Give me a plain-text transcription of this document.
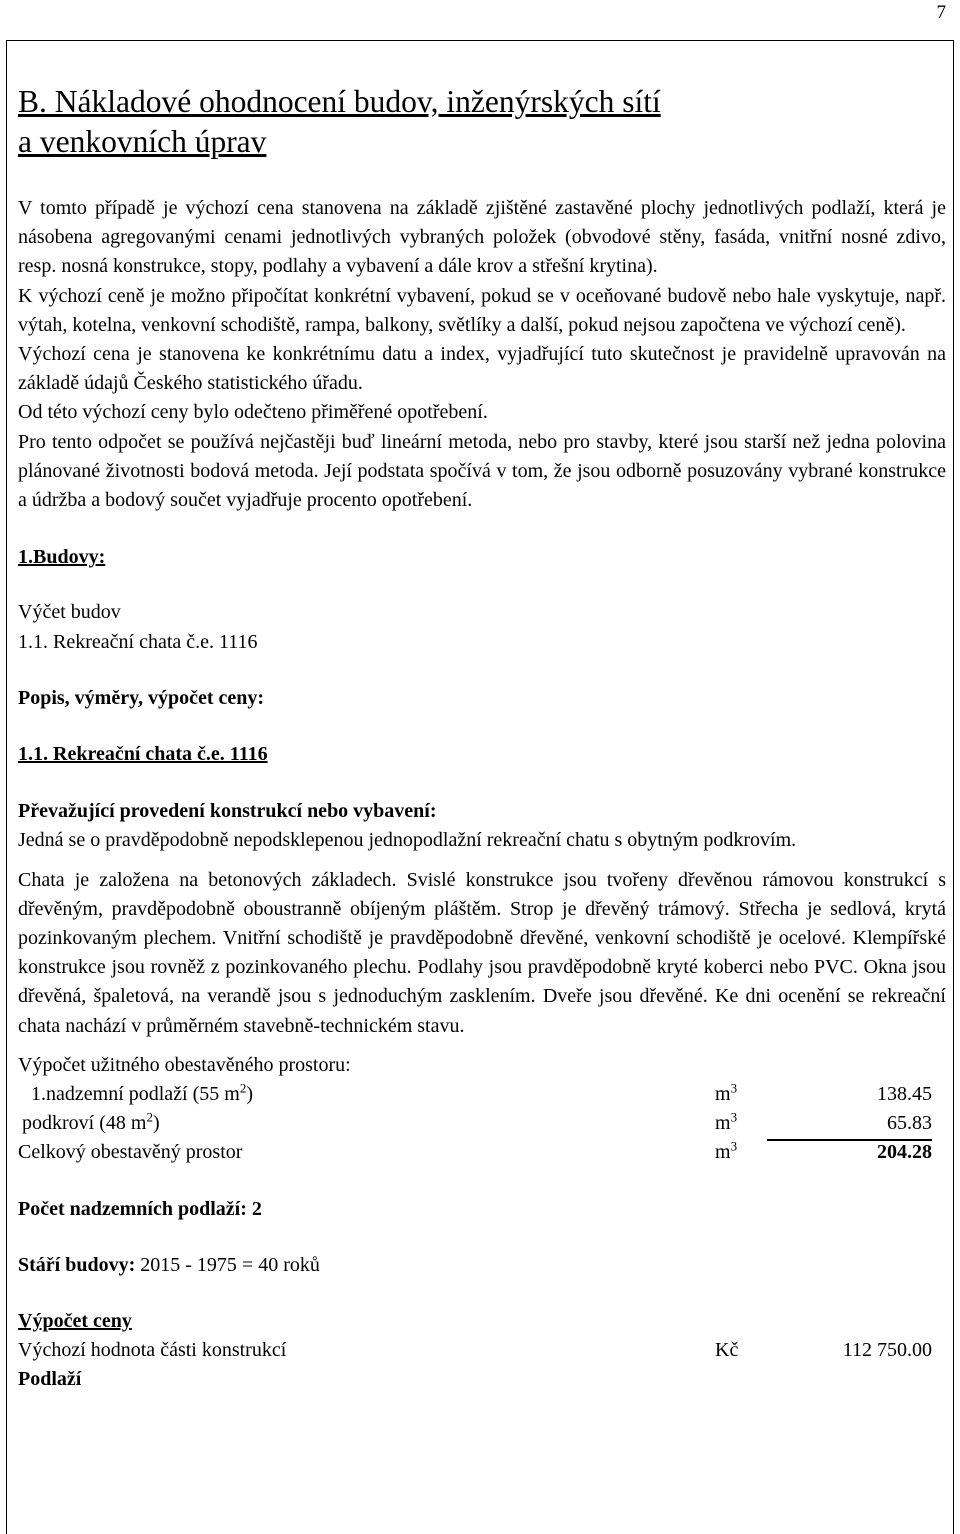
7
B. Nákladové ohodnocení budov, inženýrských sítí
a venkovních úprav

V tomto případě je výchozí cena stanovena na základě zjištěné zastavěné plochy jednotlivých podlaží, která je násobena agregovanými cenami jednotlivých vybraných položek (obvodové stěny, fasáda, vnitřní nosné zdivo, resp. nosná konstrukce, stopy, podlahy a vybavení a dále krov a střešní krytina).

K výchozí ceně je možno připočítat konkrétní vybavení, pokud se v oceňované budově nebo hale vyskytuje, např. výtah, kotelna, venkovní schodiště, rampa, balkony, světlíky a další, pokud nejsou započtena ve výchozí ceně).

Výchozí cena je stanovena ke konkrétnímu datu a index, vyjadřující tuto skutečnost je pravidelně upravován na základě údajů Českého statistického úřadu.

Od této výchozí ceny bylo odečteno přiměřené opotřebení.

Pro tento odpočet se používá nejčastěji buď lineární metoda, nebo pro stavby, které jsou starší než jedna polovina plánované životnosti bodová metoda. Její podstata spočívá v tom, že jsou odborně posuzovány vybrané konstrukce a údržba a bodový součet vyjadřuje procento opotřebení.

1.Budovy:

Výčet budov

1.1. Rekreační chata č.e. 1116

Popis, výměry, výpočet ceny:

1.1. Rekreační chata č.e. 1116

Převažující provedení konstrukcí nebo vybavení:

Jedná se o pravděpodobně nepodsklepenou jednopodlažní rekreační chatu s obytným podkrovím.

Chata je založena na betonových základech. Svislé konstrukce jsou tvořeny dřevěnou rámovou konstrukcí s dřevěným, pravděpodobně oboustranně obíjeným pláštěm. Strop je dřevěný trámový. Střecha je sedlová, krytá pozinkovaným plechem. Vnitřní schodiště je pravděpodobně dřevěné, venkovní schodiště je ocelové. Klempířské konstrukce jsou rovněž z pozinkovaného plechu. Podlahy jsou pravděpodobně kryté koberci nebo PVC. Okna jsou dřevěná, špaletová, na verandě jsou s jednoduchým zasklením. Dveře jsou dřevěné. Ke dni ocenění se rekreační chata nachází v průměrném stavebně-technickém stavu.

Výpočet užitného obestavěného prostoru:

1.nadzemní podlaží (55 $m^2$)	$m^3$	138.45
podkroví (48 $m^2$)	$m^3$	65.83
Celkový obestavěný prostor	$m^3$	204.28

Počet nadzemních podlaží: 2

Stáří budovy: 2015 - 1975 = 40 roků

Výpočet ceny

Výchozí hodnota části konstrukcí	Kč	112 750.00

Podlaží
